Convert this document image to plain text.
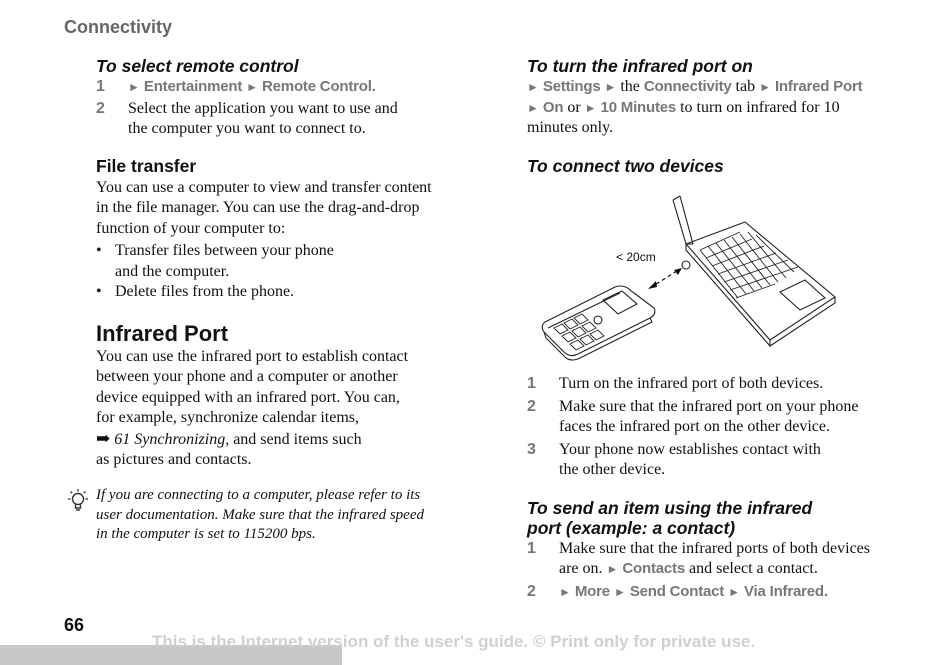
Connectivity
To select remote control
1 ► Entertainment ► Remote Control.
2 Select the application you want to use and
the computer you want to connect to.
File transfer
You can use a computer to view and transfer content
in the file manager. You can use the drag-and-drop
function of your computer to:
• Transfer files between your phone
and the computer.
• Delete files from the phone.
Infrared Port
You can use the infrared port to establish contact
between your phone and a computer or another
device equipped with an infrared port. You can,
for example, synchronize calendar items,
➡ 61 Synchronizing, and send items such
as pictures and contacts.
If you are connecting to a computer, please refer to its
user documentation. Make sure that the infrared speed
in the computer is set to 115200 bps.
To turn the infrared port on
► Settings ► the Connectivity tab ► Infrared Port
► On or ► 10 Minutes to turn on infrared for 10
minutes only.
To connect two devices
< 20cm
1 Turn on the infrared port of both devices.
2 Make sure that the infrared port on your phone
faces the infrared port on the other device.
3 Your phone now establishes contact with
the other device.
To send an item using the infrared
port (example: a contact)
1 Make sure that the infrared ports of both devices
are on. ► Contacts and select a contact.
2 ► More ► Send Contact ► Via Infrared.
66
This is the Internet version of the user's guide. © Print only for private use.
